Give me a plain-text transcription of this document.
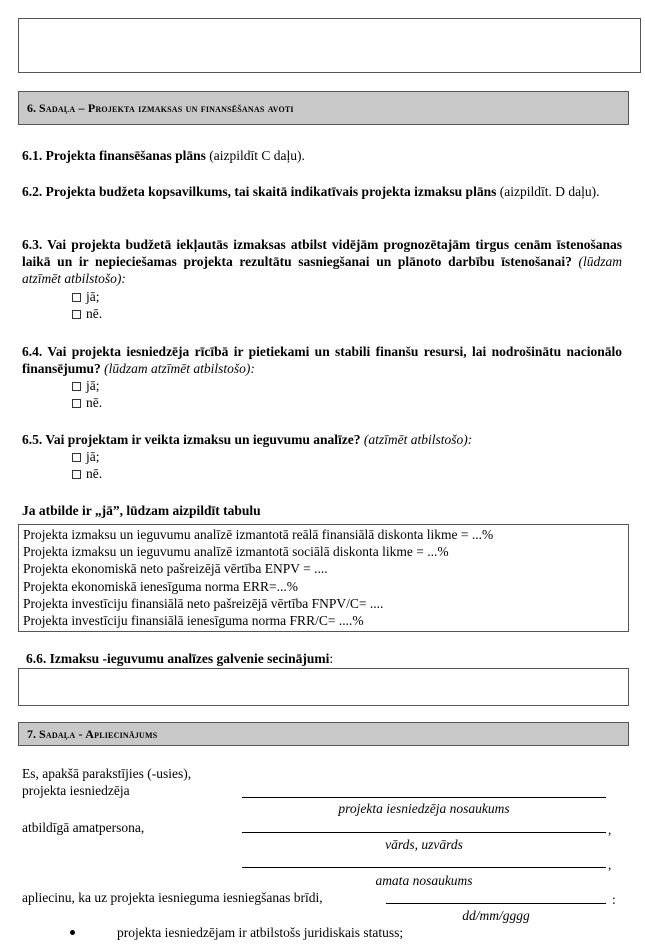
6. Sadaļa – Projekta izmaksas un finansēšanas avoti
6.1. Projekta finansēšanas plāns (aizpildīt C daļu).
6.2. Projekta budžeta kopsavilkums, tai skaitā indikatīvais projekta izmaksu plāns (aizpildīt. D daļu).
6.3. Vai projekta budžetā iekļautās izmaksas atbilst vidējām prognozētajām tirgus cenām īstenošanas laikā un ir nepieciešamas projekta rezultātu sasniegšanai un plānoto darbību īstenošanai? (lūdzam atzīmēt atbilstošo):
jā;
nē.
6.4. Vai projekta iesniedzēja rīcībā ir pietiekami un stabili finanšu resursi, lai nodrošinātu nacionālo finansējumu? (lūdzam atzīmēt atbilstošo):
jā;
nē.
6.5. Vai projektam ir veikta izmaksu un ieguvumu analīze? (atzīmēt atbilstošo):
jā;
nē.
Ja atbilde ir „jā”, lūdzam aizpildīt tabulu
Projekta izmaksu un ieguvumu analīzē izmantotā reālā finansiālā diskonta likme = ...%
Projekta izmaksu un ieguvumu analīzē izmantotā sociālā diskonta likme = ...%
Projekta ekonomiskā neto pašreizējā vērtība ENPV = ....
Projekta ekonomiskā ienesīguma norma ERR=...%
Projekta investīciju finansiālā neto pašreizējā vērtība FNPV/C= ....
Projekta investīciju finansiālā ienesīguma norma FRR/C= ....%
6.6. Izmaksu -ieguvumu analīzes galvenie secinājumi:
7. Sadaļa - Apliecinājums
Es, apakšā parakstījies (-usies),
projekta iesniedzēja
projekta iesniedzēja nosaukums
atbildīgā amatpersona,	,
vārds, uzvārds
,
amata nosaukums
apliecinu, ka uz projekta iesnieguma iesniegšanas brīdi,	:
dd/mm/gggg
projekta iesniedzējam ir atbilstošs juridiskais statuss;
